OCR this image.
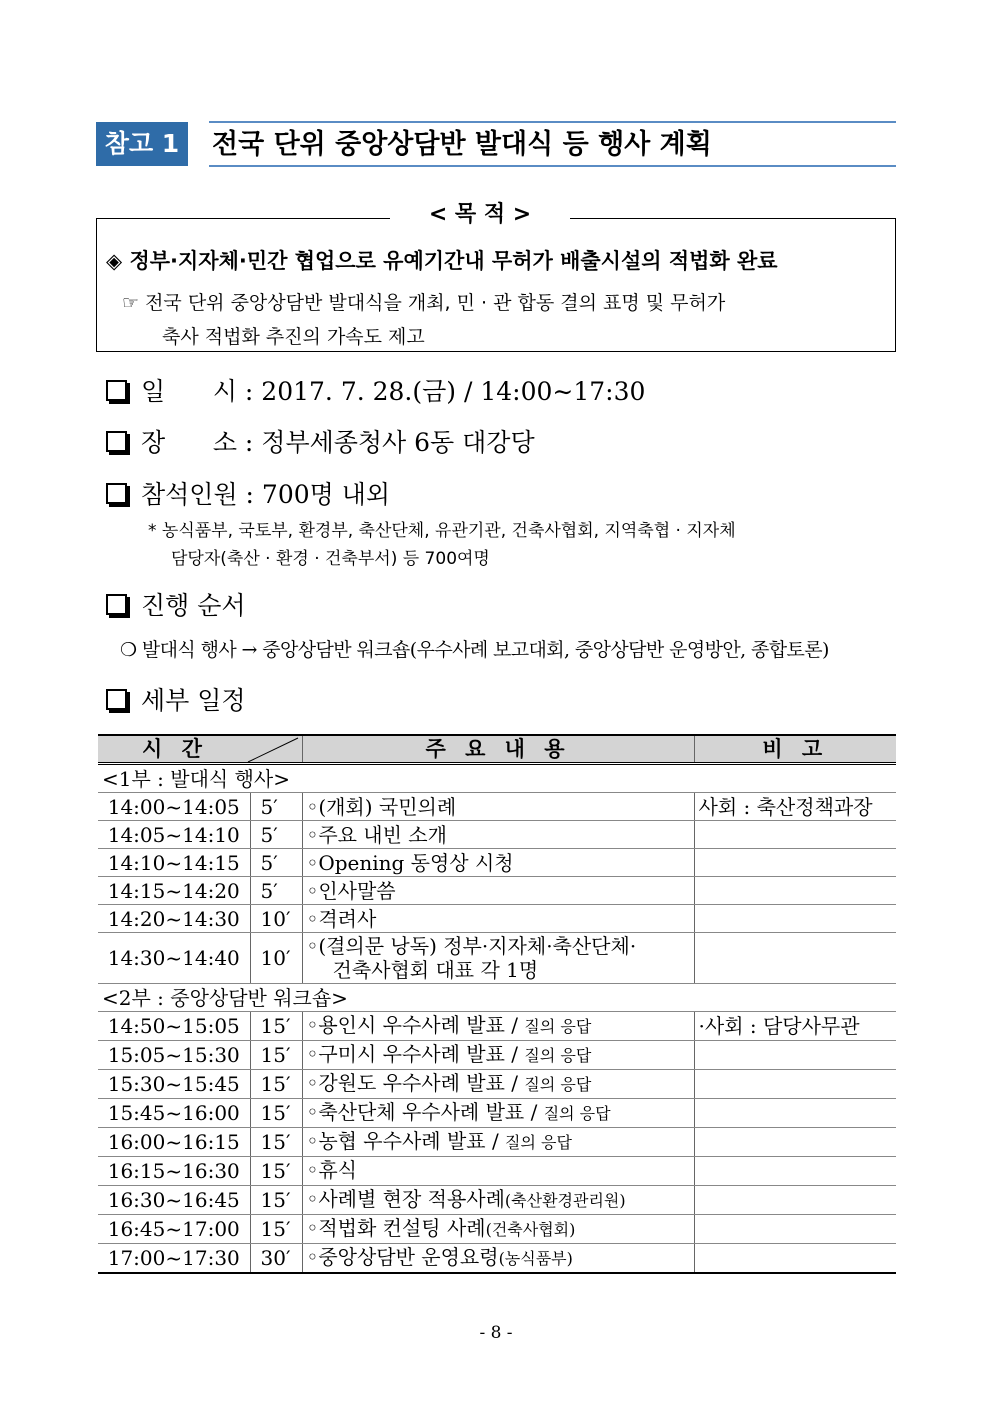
참고 1	전국 단위 중앙상담반 발대식 등 행사 계획
< 목 적 >
◈ 정부·지자체·민간 협업으로 유예기간내 무허가 배출시설의 적법화 완료
☞ 전국 단위 중앙상담반 발대식을 개최, 민 · 관 합동 결의 표명 및 무허가
축사 적법화 추진의 가속도 제고
일      시 : 2017. 7. 28.(금) / 14:00∼17:30
장      소 : 정부세종청사 6동 대강당
참석인원 : 700명 내외
* 농식품부, 국토부, 환경부, 축산단체, 유관기관, 건축사협회, 지역축협 · 지자체
담당자(축산 · 환경 · 건축부서) 등 700여명
진행 순서
❍ 발대식 행사 → 중앙상담반 워크숍(우수사례 보고대회, 중앙상담반 운영방안, 종합토론)
세부 일정
시 간		주 요 내 용	비 고
<1부 : 발대식 행사>			
14:00~14:05	5′	◦(개회) 국민의례	사회 : 축산정책과장
14:05~14:10	5′	◦주요 내빈 소개	
14:10~14:15	5′	◦Opening 동영상 시청	
14:15~14:20	5′	◦인사말씀	
14:20~14:30	10′	◦격려사	
14:30~14:40	10′	◦(결의문 낭독) 정부·지자체·축산단체·
건축사협회 대표 각 1명	

<2부 : 중앙상담반 워크숍>			
14:50~15:05	15′	◦용인시 우수사례 발표 / 질의 응답	·사회 : 담당사무관
15:05~15:30	15′	◦구미시 우수사례 발표 / 질의 응답	
15:30~15:45	15′	◦강원도 우수사례 발표 / 질의 응답	
15:45~16:00	15′	◦축산단체 우수사례 발표 / 질의 응답	
16:00~16:15	15′	◦농협 우수사례 발표 / 질의 응답	
16:15~16:30	15′	◦휴식	
16:30~16:45	15′	◦사례별 현장 적용사례(축산환경관리원)	
16:45~17:00	15′	◦적법화 컨설팅 사례(건축사협회)	
17:00~17:30	30′	◦중앙상담반 운영요령(농식품부)	
- 8 -
